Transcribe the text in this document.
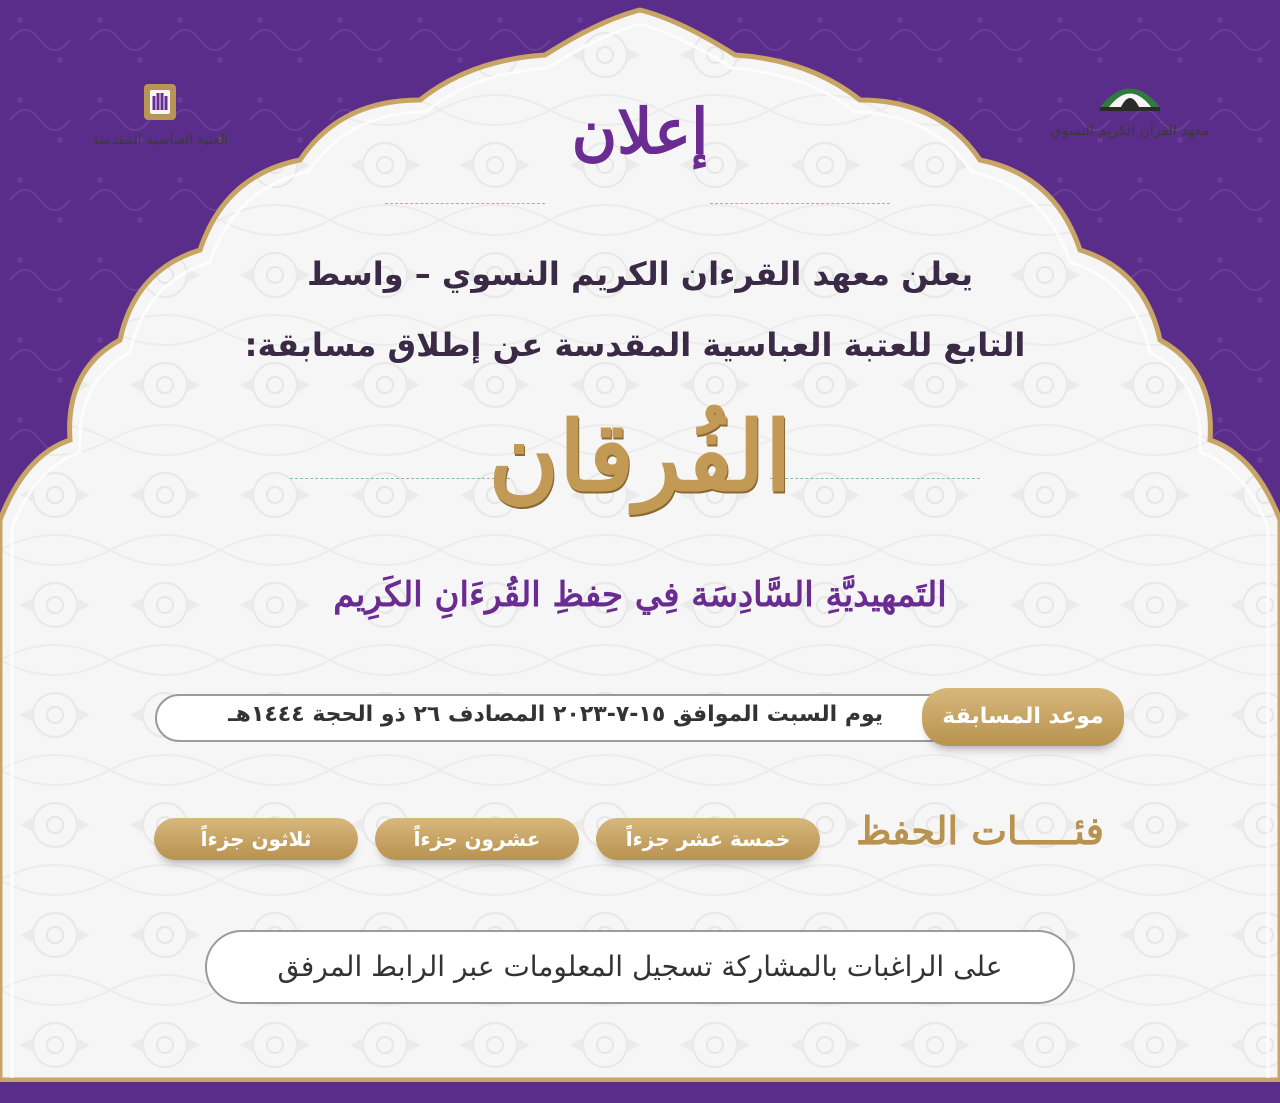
العتبة العباسية المقدسة
معهد القرآن الكريم النسوي
إعلان
يعلن معهد القرءان الكريم النسوي – واسط
التابع للعتبة العباسية المقدسة عن إطلاق مسابقة:
الفُرقان
التَمهيديَّةِ السَّادِسَة فِي حِفظِ القُرءَانِ الكَرِيم
يوم السبت الموافق ١٥-٧-٢٠٢٣ المصادف ٢٦ ذو الحجة ١٤٤٤هـ	موعد المسابقة
فئـــــات الحفظ
خمسة عشر جزءاً
عشرون جزءاً
ثلاثون جزءاً
على الراغبات بالمشاركة تسجيل المعلومات عبر الرابط المرفق
